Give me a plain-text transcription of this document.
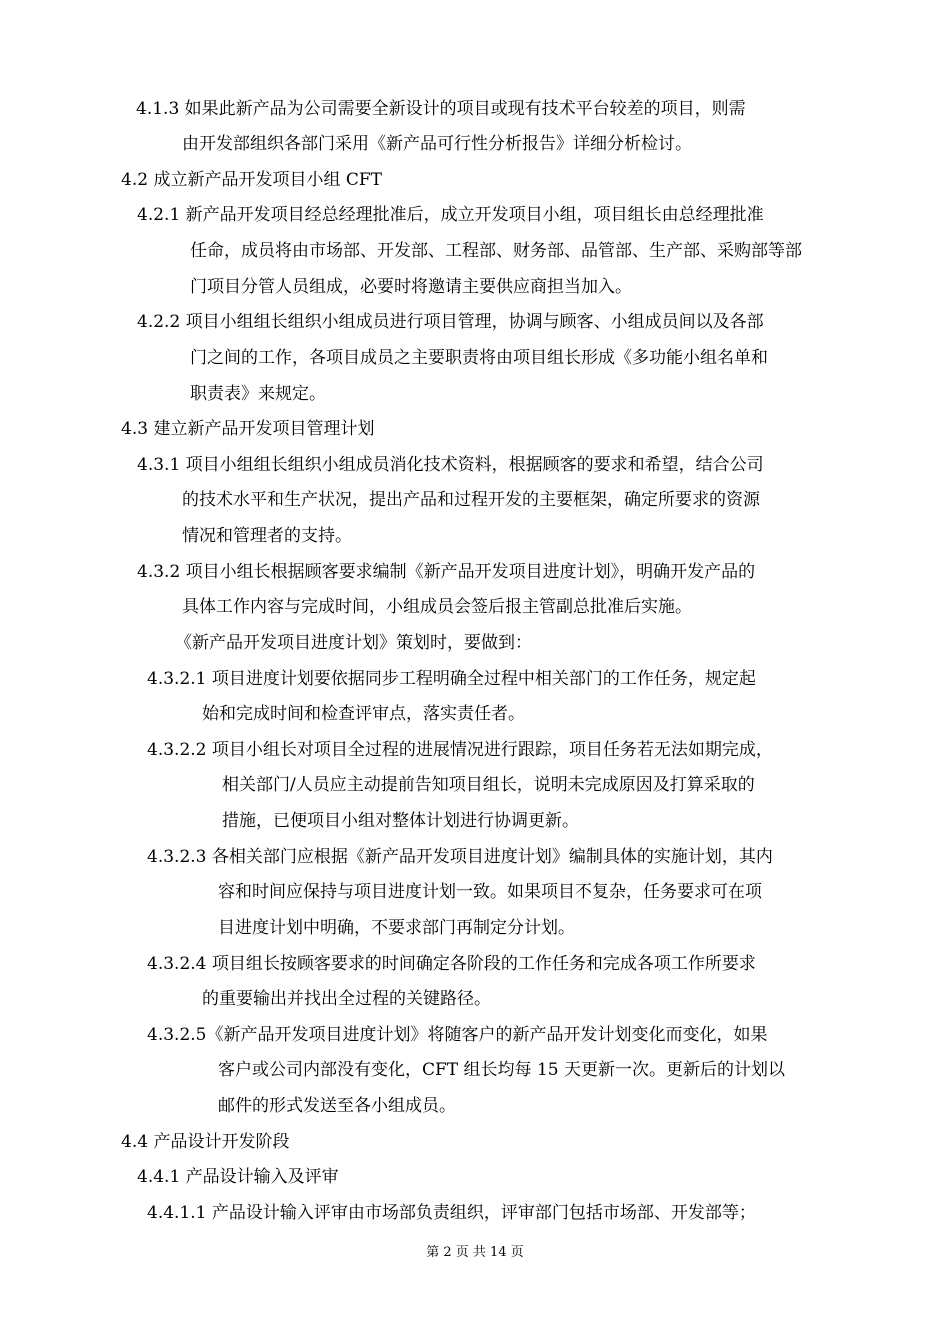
4.1.3 如果此新产品为公司需要全新设计的项目或现有技术平台较差的项目，则需
由开发部组织各部门采用《新产品可行性分析报告》详细分析检讨。
4.2 成立新产品开发项目小组 CFT
4.2.1 新产品开发项目经总经理批准后，成立开发项目小组，项目组长由总经理批准
任命，成员将由市场部、开发部、工程部、财务部、品管部、生产部、采购部等部
门项目分管人员组成，必要时将邀请主要供应商担当加入。
4.2.2 项目小组组长组织小组成员进行项目管理，协调与顾客、小组成员间以及各部
门之间的工作，各项目成员之主要职责将由项目组长形成《多功能小组名单和
职责表》来规定。
4.3 建立新产品开发项目管理计划
4.3.1 项目小组组长组织小组成员消化技术资料，根据顾客的要求和希望，结合公司
的技术水平和生产状况，提出产品和过程开发的主要框架，确定所要求的资源
情况和管理者的支持。
4.3.2 项目小组长根据顾客要求编制《新产品开发项目进度计划》，明确开发产品的
具体工作内容与完成时间，小组成员会签后报主管副总批准后实施。
《新产品开发项目进度计划》策划时，要做到：
4.3.2.1 项目进度计划要依据同步工程明确全过程中相关部门的工作任务，规定起
始和完成时间和检查评审点，落实责任者。
4.3.2.2 项目小组长对项目全过程的进展情况进行跟踪，项目任务若无法如期完成，
相关部门/人员应主动提前告知项目组长，说明未完成原因及打算采取的
措施，已便项目小组对整体计划进行协调更新。
4.3.2.3 各相关部门应根据《新产品开发项目进度计划》编制具体的实施计划，其内
容和时间应保持与项目进度计划一致。如果项目不复杂，任务要求可在项
目进度计划中明确，不要求部门再制定分计划。
4.3.2.4 项目组长按顾客要求的时间确定各阶段的工作任务和完成各项工作所要求
的重要输出并找出全过程的关键路径。
4.3.2.5《新产品开发项目进度计划》将随客户的新产品开发计划变化而变化，如果
客户或公司内部没有变化，CFT 组长均每 15 天更新一次。更新后的计划以
邮件的形式发送至各小组成员。
4.4 产品设计开发阶段
4.4.1 产品设计输入及评审
4.4.1.1 产品设计输入评审由市场部负责组织，评审部门包括市场部、开发部等；
第 2 页 共 14 页
